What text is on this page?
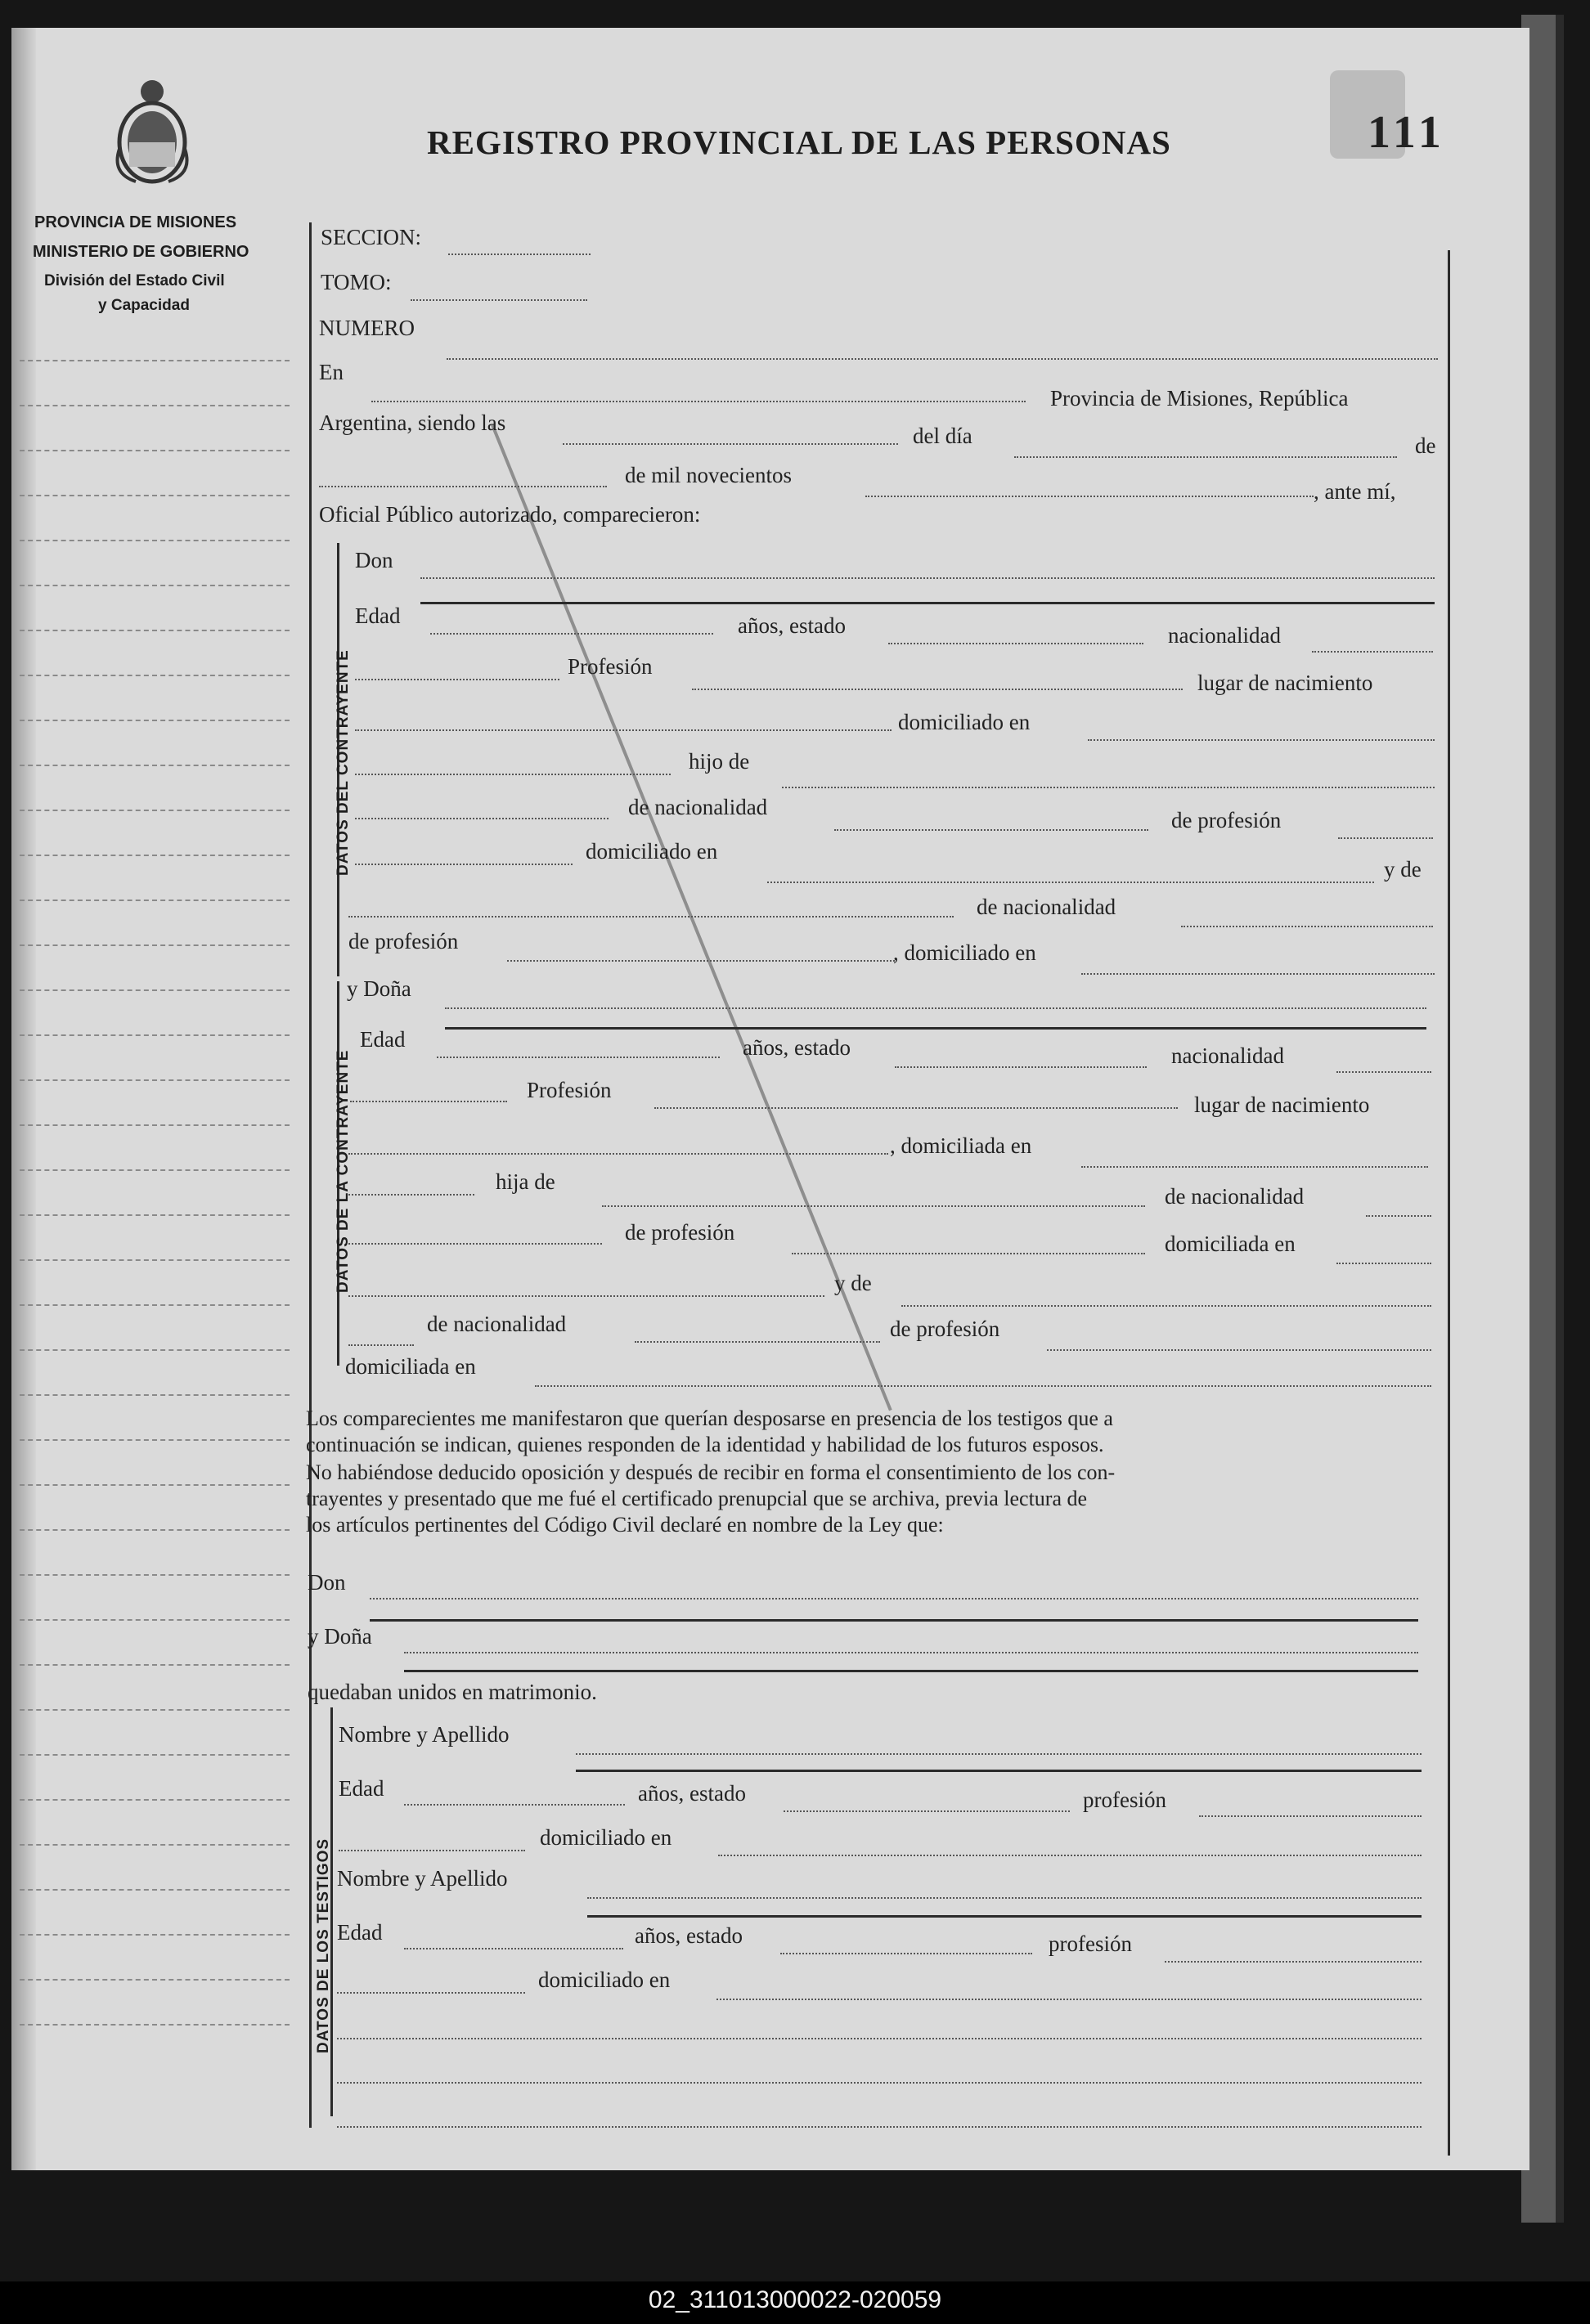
PROVINCIA DE MISIONES
MINISTERIO DE GOBIERNO
División del Estado Civil
y Capacidad
REGISTRO PROVINCIAL DE LAS PERSONAS	111
SECCION:
TOMO:
NUMERO
En
Provincia de Misiones, República
Argentina, siendo las
del día	de
de mil novecientos
, ante mí,
Oficial Público autorizado, comparecieron:
DATOS DEL CONTRAYENTE
Don
Edad	años, estado	nacionalidad
Profesión
lugar de nacimiento
domiciliado en
hijo de
de nacionalidad
de profesión
domiciliado en
y de
de nacionalidad
de profesión	, domiciliado en
DATOS DE LA CONTRAYENTE
y Doña
Edad	años, estado	nacionalidad
Profesión
lugar de nacimiento
, domiciliada en
hija de
de nacionalidad
de profesión	domiciliada en
y de
de nacionalidad	de profesión
domiciliada en
Los comparecientes me manifestaron que querían desposarse en presencia de los testigos que a
continuación se indican, quienes responden de la identidad y habilidad de los futuros esposos.
No habiéndose deducido oposición y después de recibir en forma el consentimiento de los con-
trayentes y presentado que me fué el certificado prenupcial que se archiva, previa lectura de
los artículos pertinentes del Código Civil declaré en nombre de la Ley que:
Don
y Doña
quedaban unidos en matrimonio.
DATOS DE LOS TESTIGOS
Nombre y Apellido
Edad	años, estado	profesión
domiciliado en
Nombre y Apellido
Edad	años, estado	profesión
domiciliado en
02_311013000022-020059
